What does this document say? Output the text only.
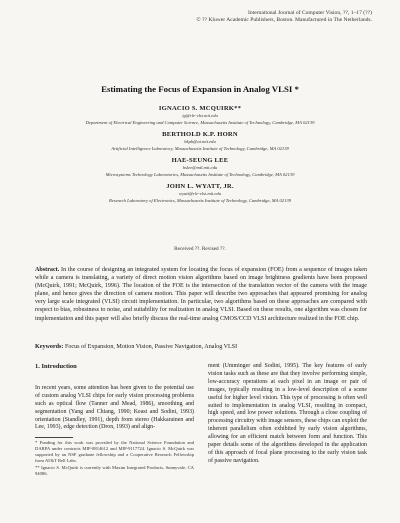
International Journal of Computer Vision, ??, 1–17 (??)
© ?? Kluwer Academic Publishers, Boston. Manufactured in The Netherlands.
Estimating the Focus of Expansion in Analog VLSI *
IGNACIO S. MCQUIRK**
ig@rle-vlsi.mit.edu
Department of Electrical Engineering and Computer Science, Massachusetts Institute of Technology, Cambridge, MA 02139
BERTHOLD K.P. HORN
bkph@ai.mit.edu
Artificial Intelligence Laboratory, Massachusetts Institute of Technology, Cambridge, MA 02139
HAE-SEUNG LEE
hslee@mtl.mit.edu
Microsystems Technology Laboratories, Massachusetts Institute of Technology, Cambridge, MA 02139
JOHN L. WYATT, JR.
wyatt@rle-vlsi.mit.edu
Research Laboratory of Electronics, Massachusetts Institute of Technology, Cambridge, MA 02139
Received ??. Revised ??.
Abstract. In the course of designing an integrated system for locating the focus of expansion (FOE) from a sequence of images taken while a camera is translating, a variety of direct motion vision algorithms based on image brightness gradients have been proposed (McQuirk, 1991; McQuirk, 1996). The location of the FOE is the intersection of the translation vector of the camera with the image plane, and hence gives the direction of camera motion. This paper will describe two approaches that appeared promising for analog very large scale integrated (VLSI) circuit implementation. In particular, two algorithms based on these approaches are compared with respect to bias, robustness to noise, and suitability for realization in analog VLSI. Based on these results, one algorithm was chosen for implementation and this paper will also briefly discuss the real-time analog CMOS/CCD VLSI architecture realized in the FOE chip.
Keywords: Focus of Expansion, Motion Vision, Passive Navigation, Analog VLSI
1. Introduction
In recent years, some attention has been given to the potential use of custom analog VLSI chips for early vision processing problems such as optical flow (Tanner and Mead, 1986), smoothing and segmentation (Yang and Chiang, 1990; Keast and Sodini, 1993) orientation (Standley, 1991), depth from stereo (Hakkarainen and Lee, 1993), edge detection (Dron, 1993) and align-
* Funding for this work was provided by the National Science Foundation and DARPA under contracts MIP-8814612 and MIP-9117724. Ignacio S. McQuirk was supported by an NSF graduate fellowship and a Cooperative Research Fellowship from AT&T Bell Labs.
** Ignacio S. McQuirk is currently with Maxim Integrated Products, Sunnyvale, CA 94086.
ment (Umminger and Sodini, 1995). The key features of early vision tasks such as these are that they involve performing simple, low-accuracy operations at each pixel in an image or pair of images, typically resulting in a low-level description of a scene useful for higher level vision. This type of processing is often well suited to implementation in analog VLSI, resulting in compact, high speed, and low power solutions. Through a close coupling of processing circuitry with image sensors, these chips can exploit the inherent parallelism often exhibited by early vision algorithms, allowing for an efficient match between form and function. This paper details some of the algorithms developed in the application of this approach of focal plane processing to the early vision task of passive navigation.
